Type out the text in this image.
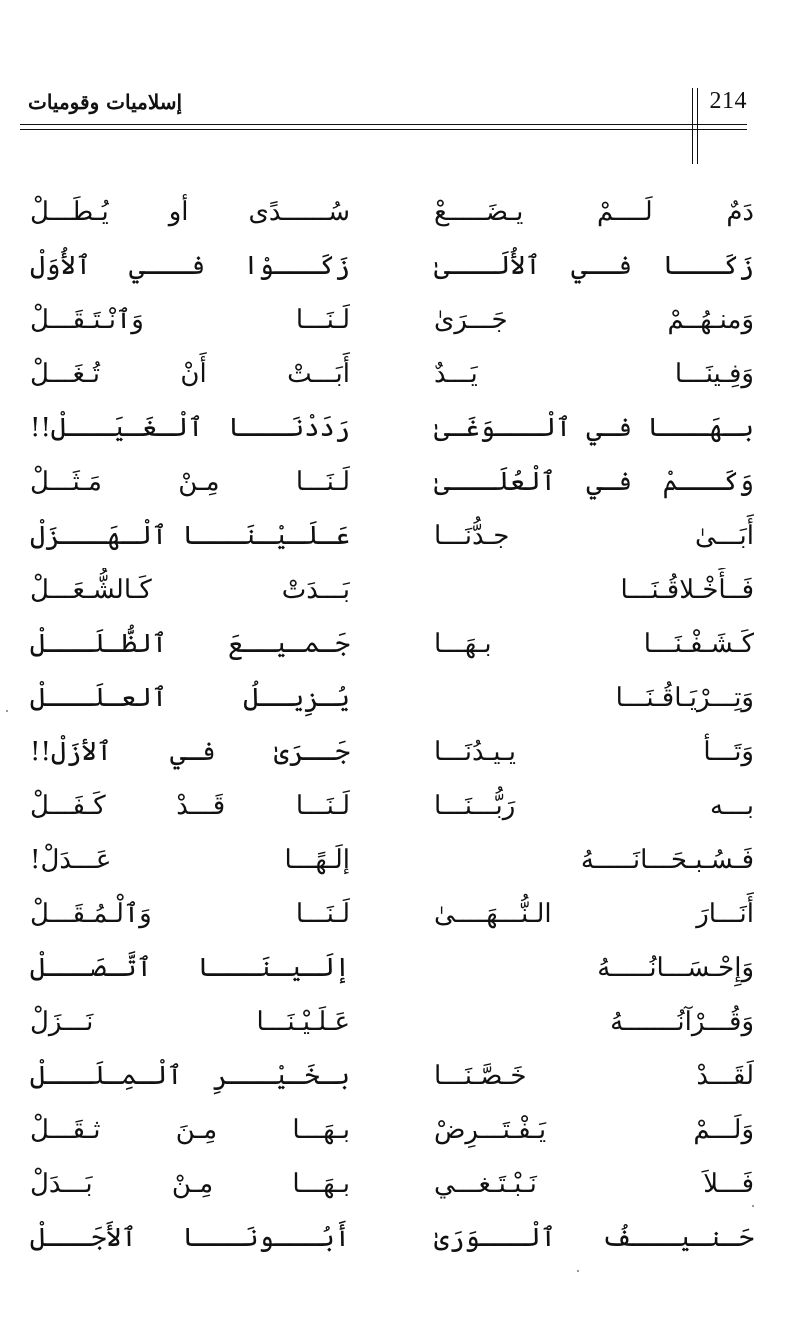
إسلاميات وقوميات	214
دَمٌ لَــــمْ يـضَـــــعْ
سُــــــدًى أو يُـطَـــلْ
زَكَـــا فــي ٱلأُلَـــىٰ
زَكَـــوْا فـــي ٱلأُوَلْ
وَمنـهُــمْ جَـــرَىٰ
لَـنَـــا وَٱنْـتَـقَـــلْ
وَفِـينَـــا يَـــدٌ
أَبَـــتْ أَنْ تُـغَـــلْ
بـهَـــا فـي ٱلْـــوَغَـىٰ
رَدَدْنَـــا ٱلْـغَـيَـــلْ!!
وَكَـــمْ فـي ٱلْعُلَـــىٰ
لَـنَـــا مِـنْ مَـثَـــلْ
أَبَـــىٰ جـدُّنَـــا
عَـلَـيْـنَـــا ٱلْـهَـــزَلْ
فَــأَخْـلاقُـنَـــا
بَـــدَتْ كَـالشُّـعَـــلْ
كَـشَـفْـنَـــا بـهَـــا
جَـمـيــعَ ٱلظُّـلَـــلْ
وَتِـــرْيَـاقُـنَـــا
يُـزِيــلُ ٱلعـلَـــلْ
وَتَـــأ يـيـدُنَـــا
جَــرَىٰ فـي ٱلأزَلْ!!
بـــه رَبُّـــنَـــا
لَـنَـــا قَـــدْ كَـفَـــلْ
فَـسُـبـحَـــانَـــــهُ
إلَـهًـــا عَـــدَلْ!
أَنَـــارَ الـنُّـــهَــــىٰ
لَـنَـــا وَٱلْـمُـقَـــلْ
وَإِحْـسَـــانُـــــهُ
إلَـيـنَـــا ٱتَّـصَـــلْ
وَقُـــرْآنُـــــــهُ
عَـلَـيْـنَـــا نَـــزَلْ
لَقَـــدْ خَـصَّـنَـــا
بـخَـيْـــرِ ٱلْـمِـلَـــلْ
وَلَـــمْ يَـفْـتَـــرِضْ
بـهَـــا مِـنَ ثـقَـــلْ
فَـــلاَ نَـبْـتَـغـــي
بـهَـــا مِـنْ بَـــدَلْ
حَـنـيـــفُ ٱلْـــوَرَىٰ
أَبُـــونَـــا ٱلأَجَـــلْ
